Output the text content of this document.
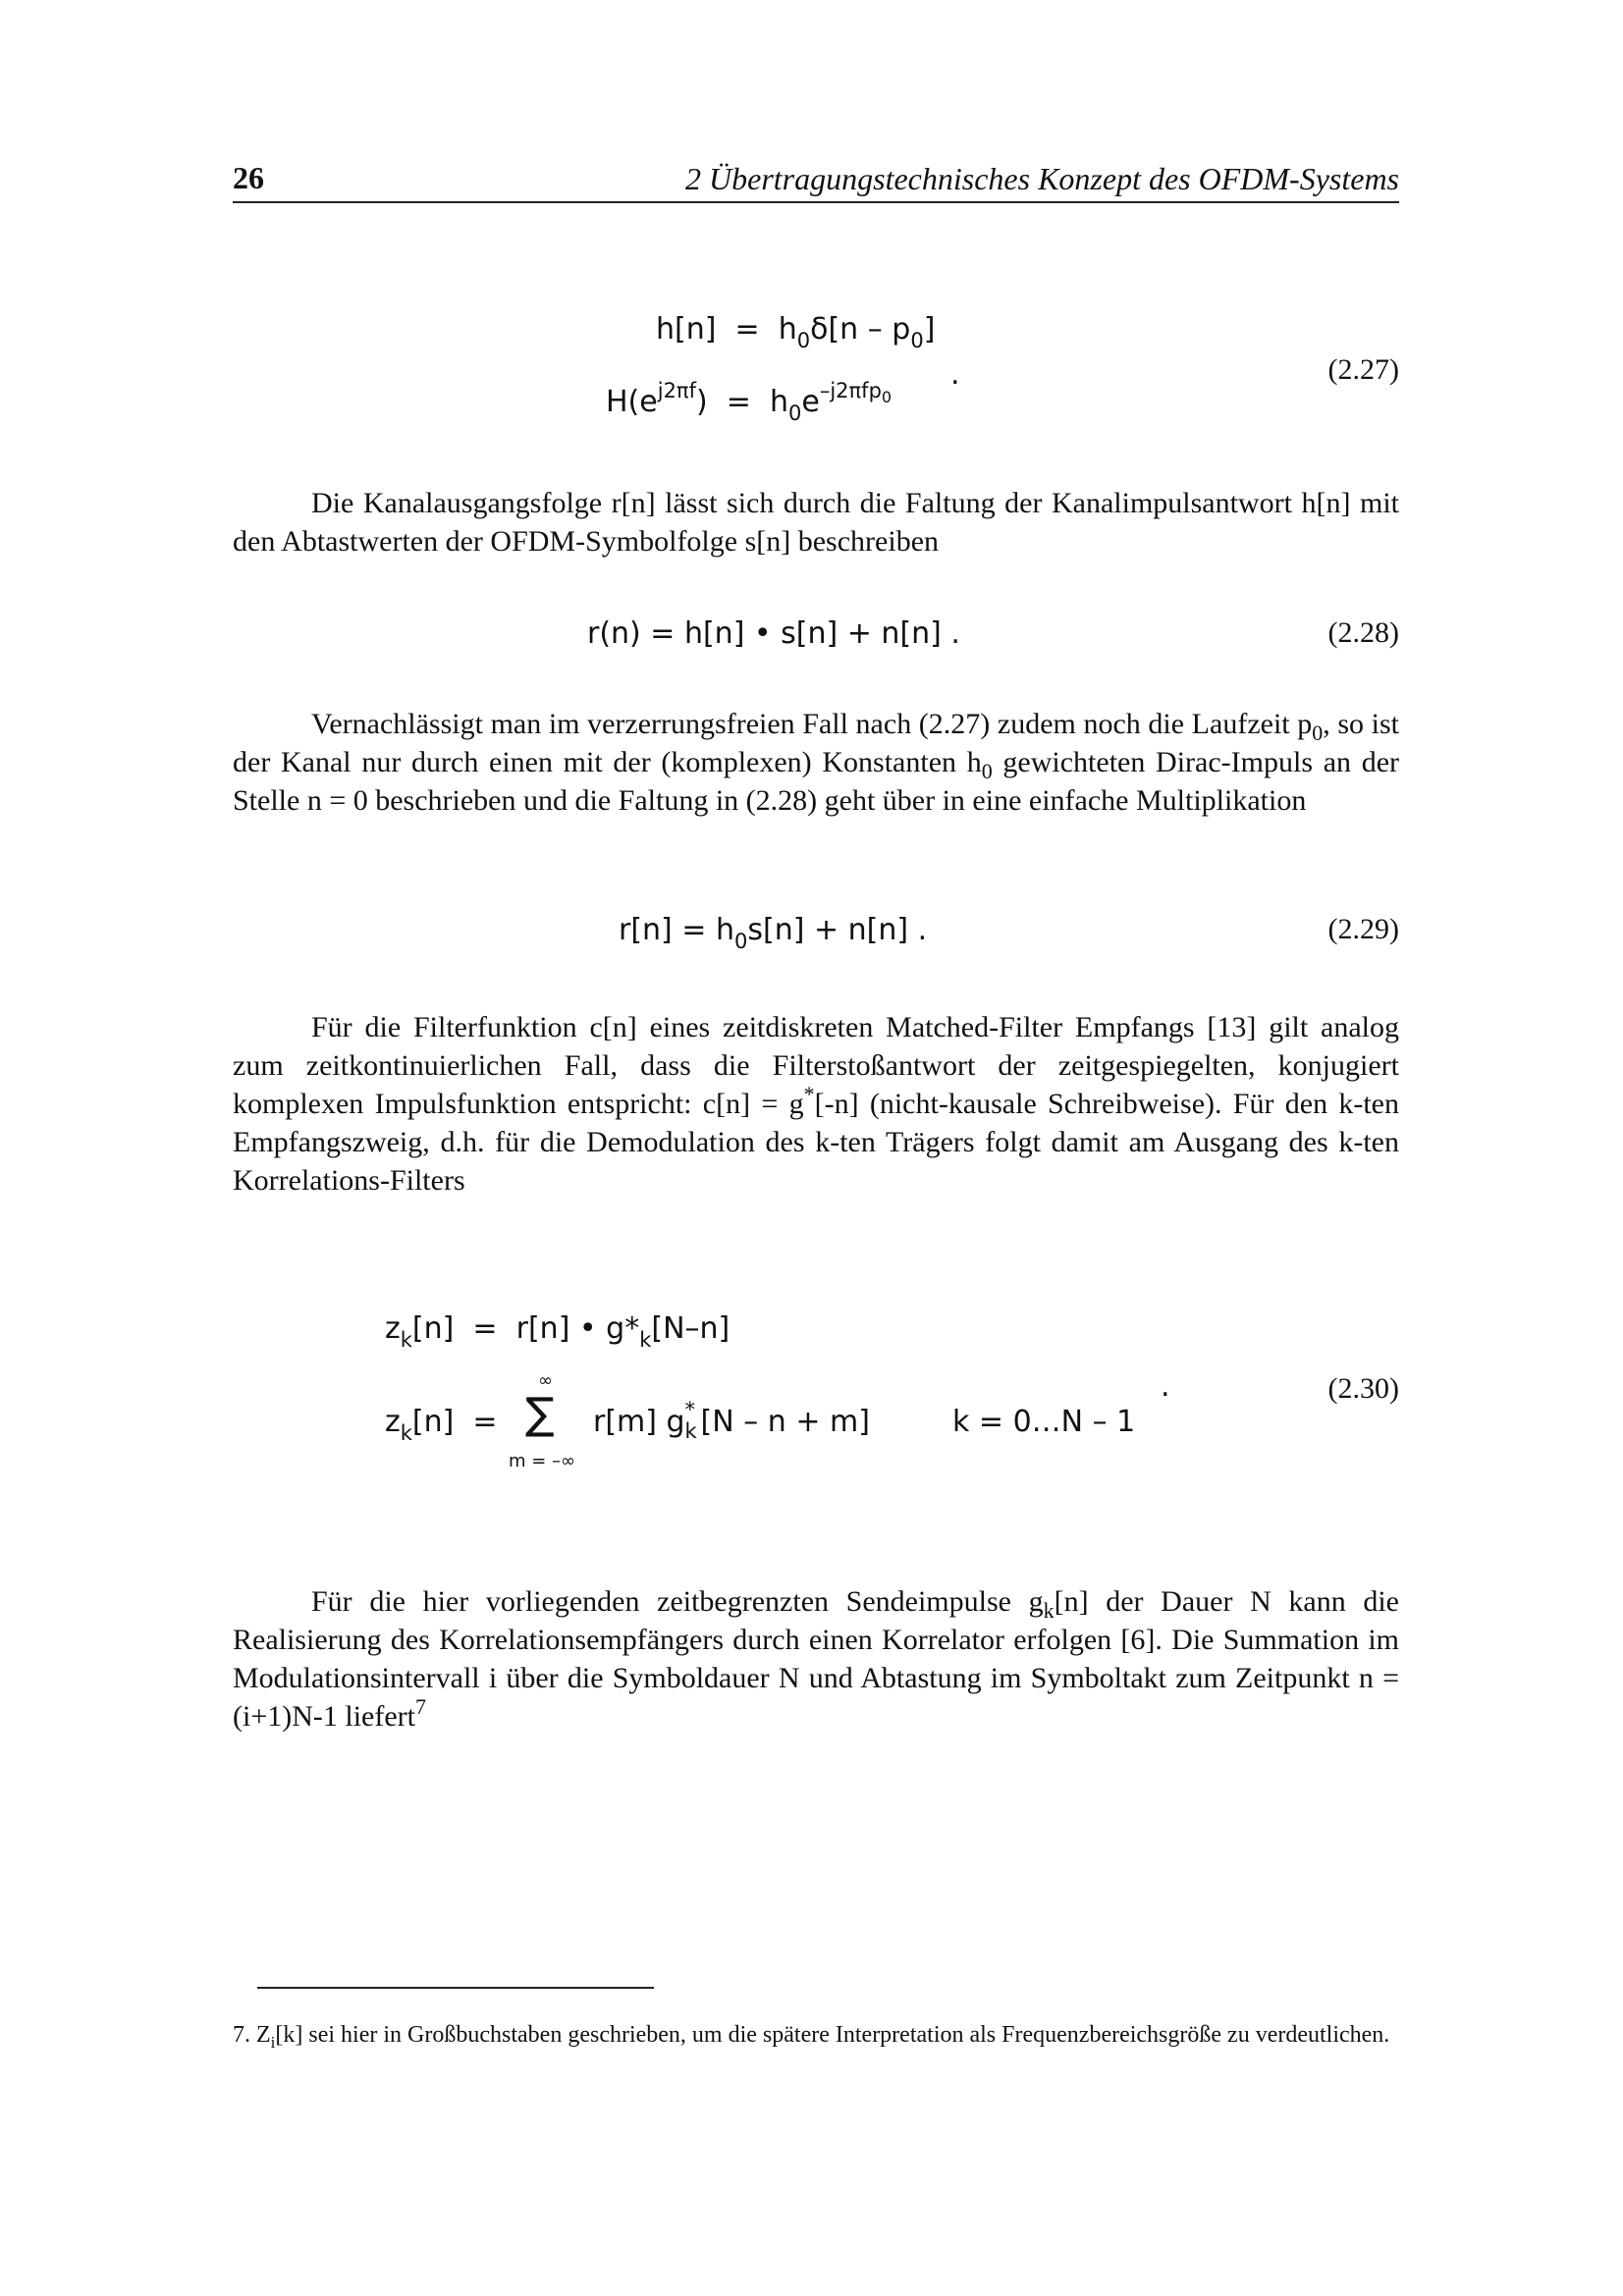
26	2 Übertragungstechnisches Konzept des OFDM-Systems
$h[n] = h_0\delta[n - p_0]$
$H(e^{j2\pi f}) = h_0e^{-j2\pi fp_0}$
.	(2.27)

Die Kanalausgangsfolge r[n] lässt sich durch die Faltung der Kanalimpulsantwort h[n] mit den Abtastwerten der OFDM-Symbolfolge s[n] beschreiben

r(n) = h[n] • s[n] + n[n] .	(2.28)

Vernachlässigt man im verzerrungsfreien Fall nach (2.27) zudem noch die Laufzeit $p_0$, so ist der Kanal nur durch einen mit der (komplexen) Konstanten $h_0$ gewichteten Dirac-Impuls an der Stelle n = 0 beschrieben und die Faltung in (2.28) geht über in eine einfache Multiplikation

$r[n] = h_0s[n] + n[n]$ .	(2.29)

Für die Filterfunktion c[n] eines zeitdiskreten Matched-Filter Empfangs [13] gilt analog zum zeitkontinuierlichen Fall, dass die Filterstoßantwort der zeitgespiegelten, konjugiert komplexen Impulsfunktion entspricht: c[n] = g*[-n] (nicht-kausale Schreibweise). Für den k-ten Empfangszweig, d.h. für die Demodulation des k-ten Trägers folgt damit am Ausgang des k-ten Korrelations-Filters

$z_k[n] = r[n]$ • $g*_k[N-n]$
$z_k[n]$ =
∞
∑
m = –∞
r[m] g *
k [N – n + m]	k = 0…N – 1
.	(2.30)

Für die hier vorliegenden zeitbegrenzten Sendeimpulse $g_k[n]$ der Dauer N kann die Realisierung des Korrelationsempfängers durch einen Korrelator erfolgen [6]. Die Summation im Modulationsintervall i über die Symboldauer N und Abtastung im Symboltakt zum Zeitpunkt n = (i+1)N-1 liefert$^7$

7. $Z_i[k]$ sei hier in Großbuchstaben geschrieben, um die spätere Interpretation als Frequenzbereichsgröße zu verdeutlichen.
